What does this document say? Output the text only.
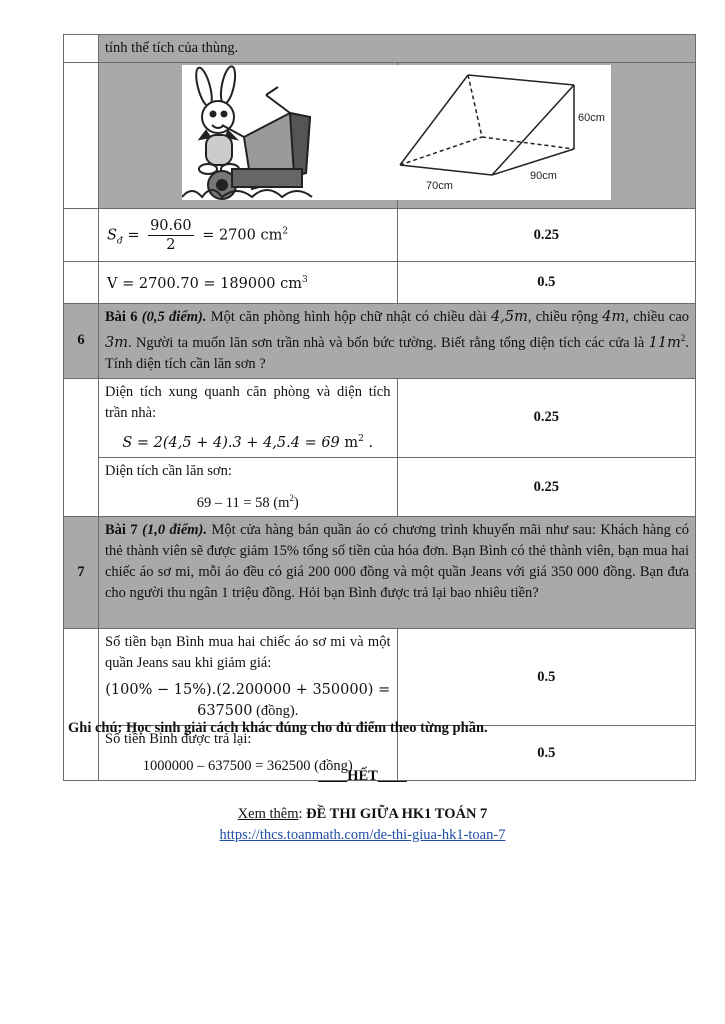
	tính thể tích của thùng.	

60cm
70cm
90cm	

	$S_đ = \frac{90.60}{2} = 2700$ $cm^2$	0.25

	V = 2700.70 = 189000 $cm^3$	0.5
6	Bài 6 (0,5 điểm). Một căn phòng hình hộp chữ nhật có chiều dài 4,5m, chiều rộng 4m, chiều cao 3m. Người ta muốn lăn sơn trần nhà và bốn bức tường. Biết rằng tổng diện tích các cửa là $11m^2$. Tính diện tích cần lăn sơn ?	

	Diện tích xung quanh căn phòng và diện tích trần nhà:
S = 2(4,5 + 4).3 + 4,5.4 = 69 $m^2$ .	0.25

	Diện tích cần lăn sơn:
69 – 11 = 58 $(m^2)$	0.25
7	Bài 7 (1,0 điểm). Một cửa hàng bán quần áo có chương trình khuyến mãi như sau: Khách hàng có thẻ thành viên sẽ được giảm 15% tổng số tiền của hóa đơn. Bạn Bình có thẻ thành viên, bạn mua hai chiếc áo sơ mi, mỗi áo đều có giá 200 000 đồng và một quần Jeans với giá 350 000 đồng. Bạn đưa cho người thu ngân 1 triệu đồng. Hỏi bạn Bình được trả lại bao nhiêu tiền?	

	Số tiền bạn Bình mua hai chiếc áo sơ mi và một quần Jeans sau khi giảm giá:
(100% − 15%).(2.200000 + 350000) = 637500 (đồng).	0.5

	Số tiền Bình được trả lại:
1000000 – 637500 = 362500 (đồng)	0.5
Ghi chú: Học sinh giải cách khác đúng cho đủ điểm theo từng phần.
____HẾT____
Xem thêm: ĐỀ THI GIỮA HK1 TOÁN 7
https://thcs.toanmath.com/de-thi-giua-hk1-toan-7
